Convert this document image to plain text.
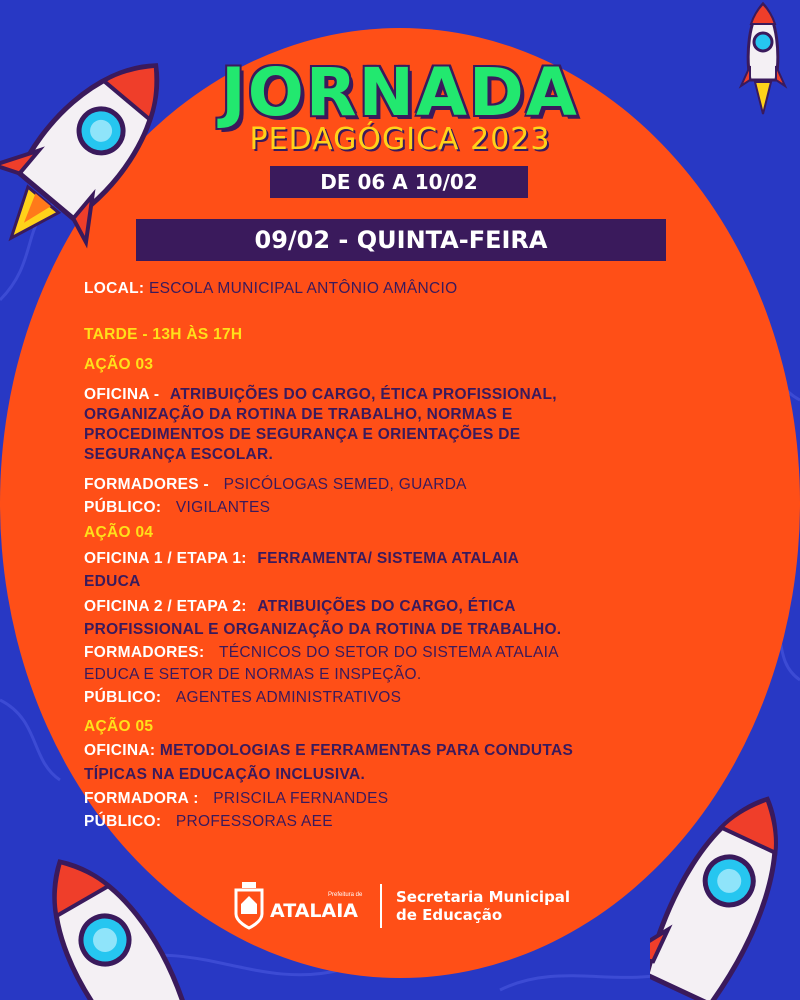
JORNADA
PEDAGÓGICA 2023
DE 06 A 10/02
09/02 - QUINTA-FEIRA
LOCAL: ESCOLA MUNICIPAL ANTÔNIO AMÂNCIO
TARDE - 13H ÀS 17H
AÇÃO 03
OFICINA - ATRIBUIÇÕES DO CARGO, ÉTICA PROFISSIONAL,
ORGANIZAÇÃO DA ROTINA DE TRABALHO, NORMAS E
PROCEDIMENTOS DE SEGURANÇA E ORIENTAÇÕES DE
SEGURANÇA ESCOLAR.
FORMADORES - PSICÓLOGAS SEMED, GUARDA
PÚBLICO: VIGILANTES
AÇÃO 04
OFICINA 1 / ETAPA 1: FERRAMENTA/ SISTEMA ATALAIA
EDUCA
OFICINA 2 / ETAPA 2: ATRIBUIÇÕES DO CARGO, ÉTICA
PROFISSIONAL E ORGANIZAÇÃO DA ROTINA DE TRABALHO.
FORMADORES: TÉCNICOS DO SETOR DO SISTEMA ATALAIA
EDUCA E SETOR DE NORMAS E INSPEÇÃO.
PÚBLICO: AGENTES ADMINISTRATIVOS
AÇÃO 05
OFICINA: METODOLOGIAS E FERRAMENTAS PARA CONDUTAS
TÍPICAS NA EDUCAÇÃO INCLUSIVA.
FORMADORA : PRISCILA FERNANDES
PÚBLICO: PROFESSORAS AEE
Prefeitura de
ATALAIA
Secretaria Municipal
de Educação
